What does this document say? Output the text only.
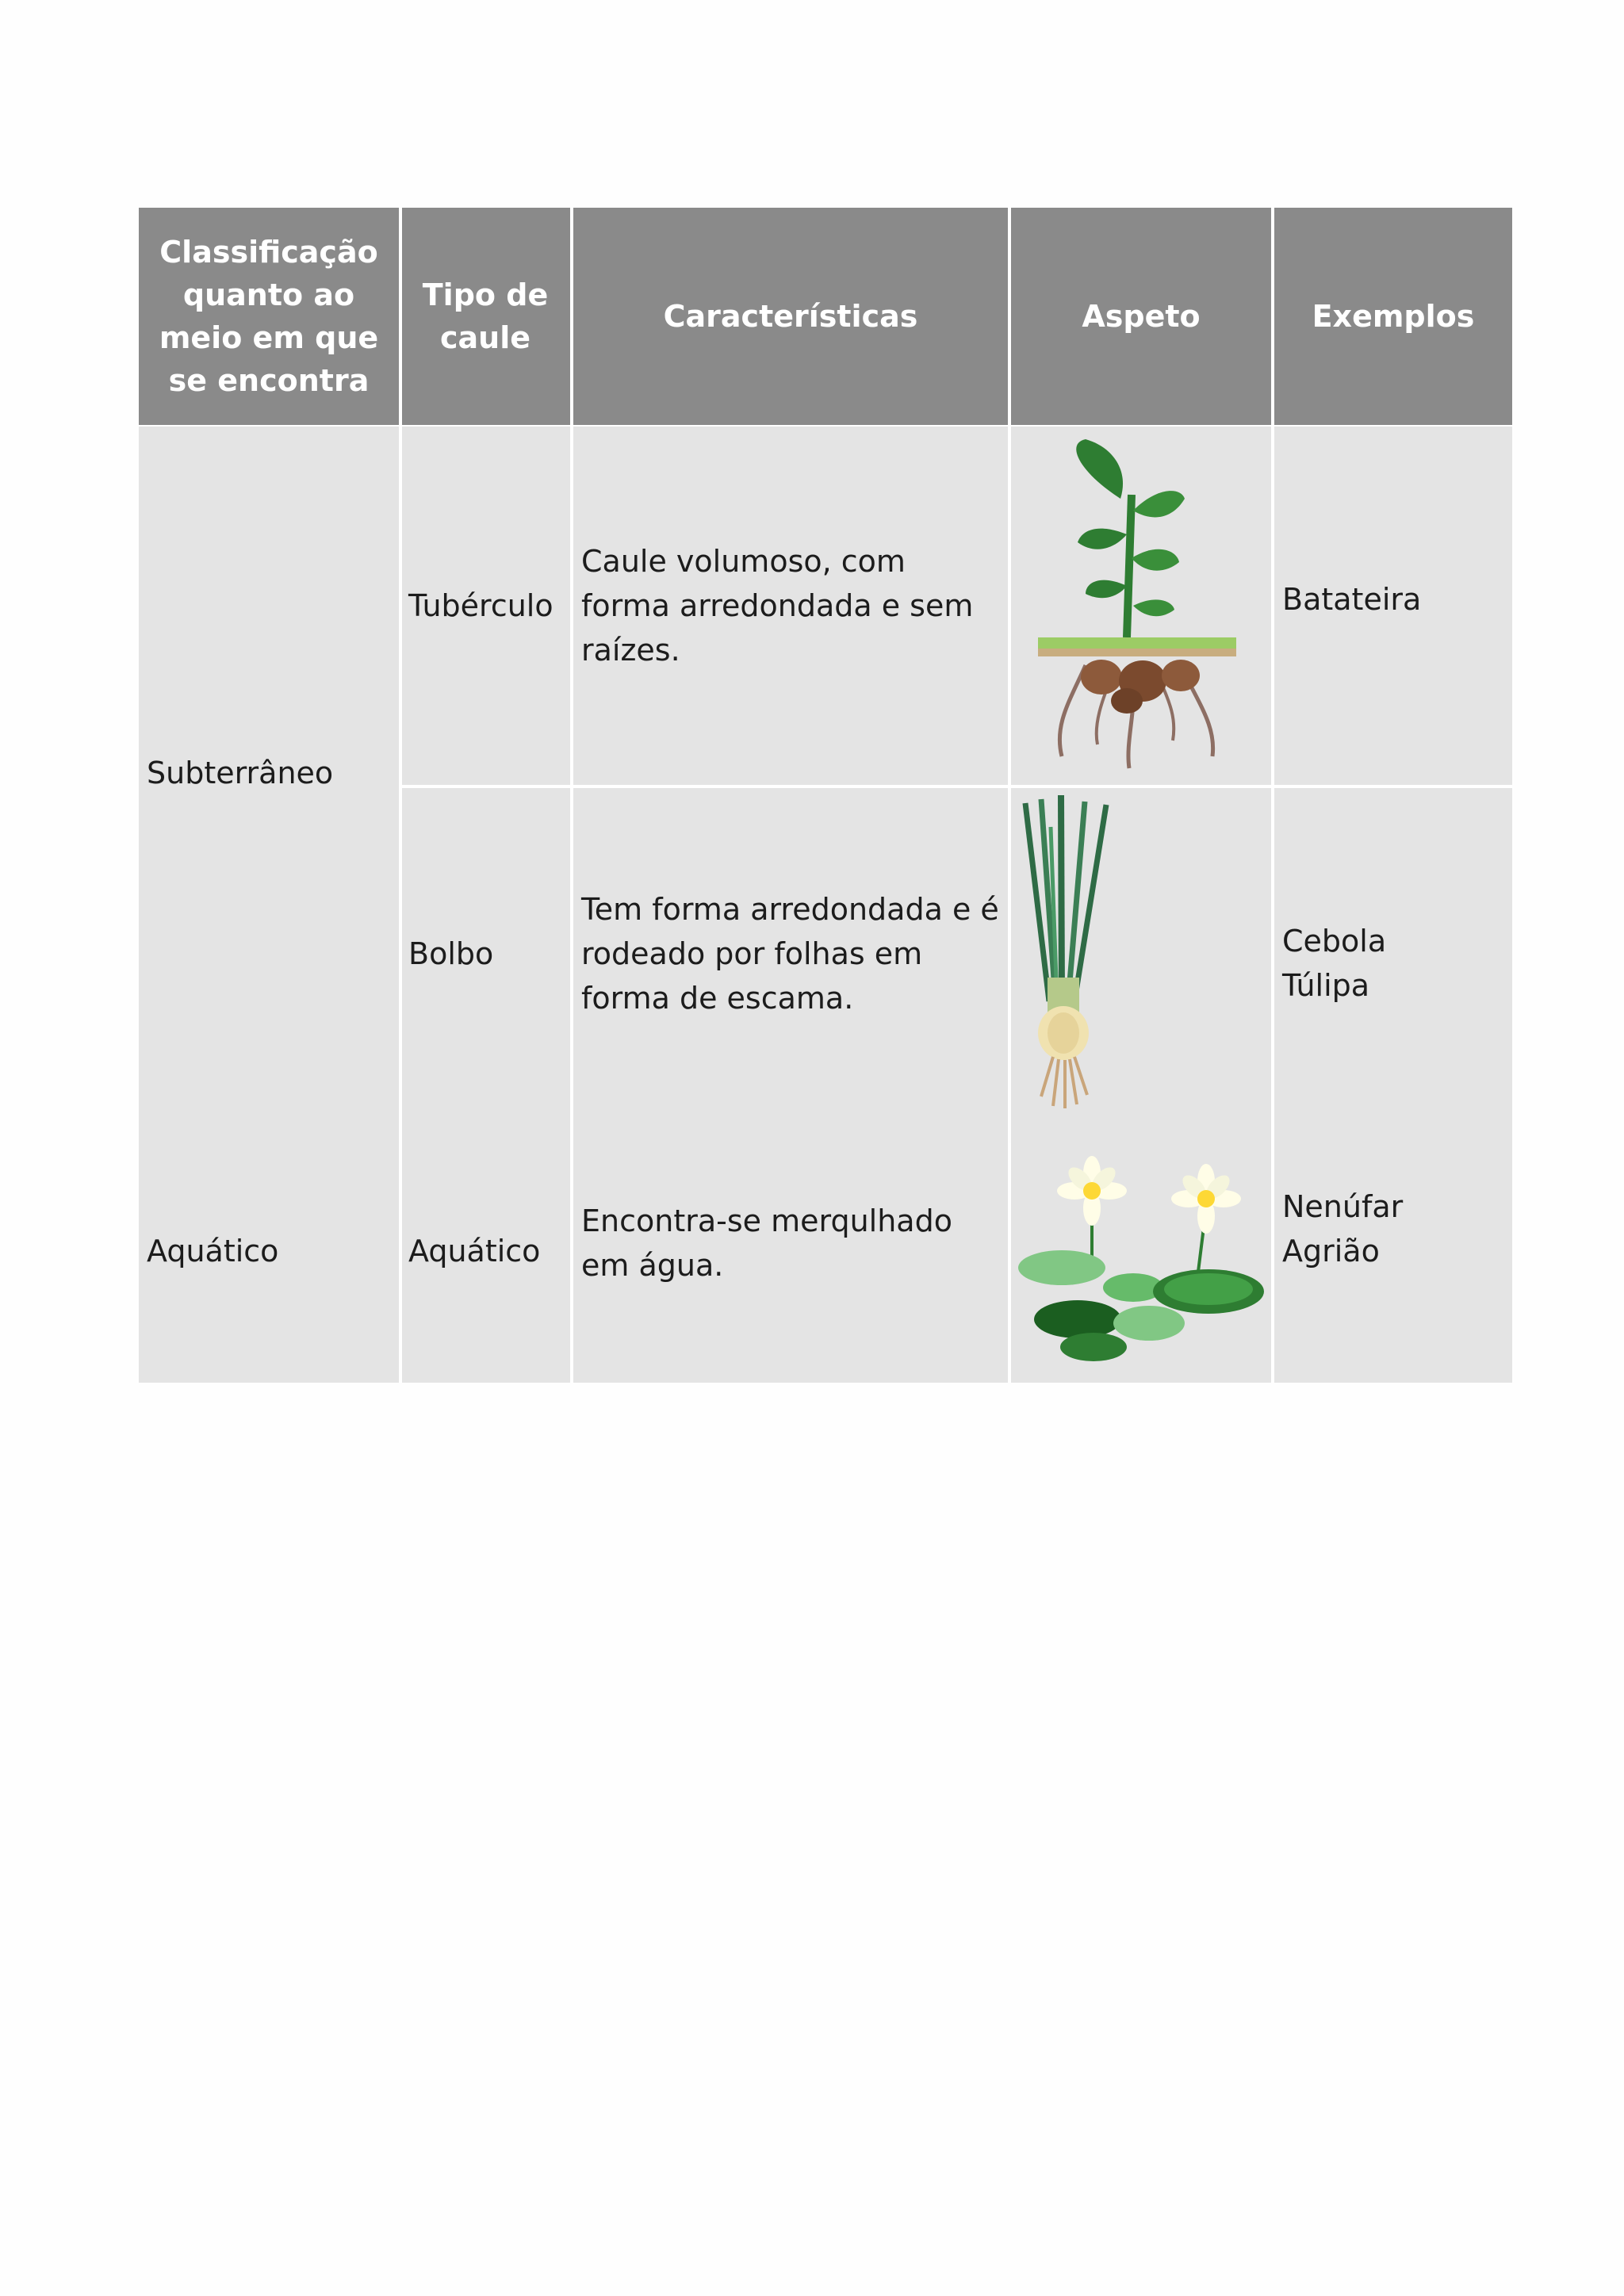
Classificação quanto ao meio em que se encontra
Tipo de caule
Características	Aspeto	Exemplos
Subterrâneo
Aquático
Tubérculo
Caule volumoso, com forma arredondada e sem raízes.
Batateira
Bolbo
Tem forma arredondada e é rodeado por folhas em forma de escama.
Cebola
Túlipa
Aquático
Encontra-se merqulhado em água.
Nenúfar
Agrião
